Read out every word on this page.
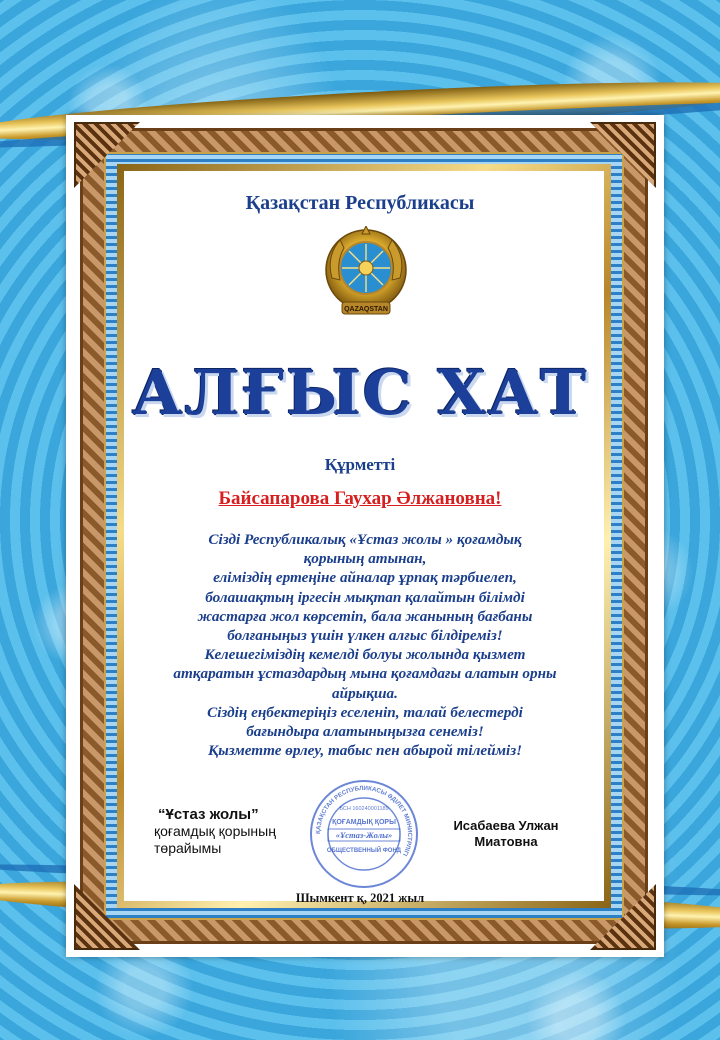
Қазақстан Республикасы

QAZAQSTAN

АЛҒЫС ХАТ

Құрметті

Байсапарова Гаухар Әлжановна!

Сізді Республикалық «Ұстаз жолы » қоғамдық
қорының атынан,
еліміздің ертеңіне айналар ұрпақ тәрбиелеп,
болашақтың іргесін мықтап қалайтын білімді
жастарға жол көрсетіп, бала жанының бағбаны
болғаныңыз үшін үлкен алғыс білдіреміз!
Келешегіміздің кемелді болуы жолында қызмет
атқаратын ұстаздардың мына қоғамдағы алатын орны
айрықша.
Сіздің еңбектеріңіз еселеніп, талай белестерді
бағындыра алатыныңызға сенеміз!
Қызметте өрлеу, табыс пен абырой тілейміз!

“Ұстаз жолы”
қоғамдық қорының
төрайымы

ҚАЗАҚСТАН РЕСПУБЛИКАСЫ ӘДІЛЕТ МИНИСТРЛІГІ
БСН 160240001189
ҚОҒАМДЫҚ ҚОРЫ
«Ұстаз-Жолы»
ОБЩЕСТВЕННЫЙ ФОНД

Исабаева Улжан
Миатовна

Шымкент қ, 2021 жыл
